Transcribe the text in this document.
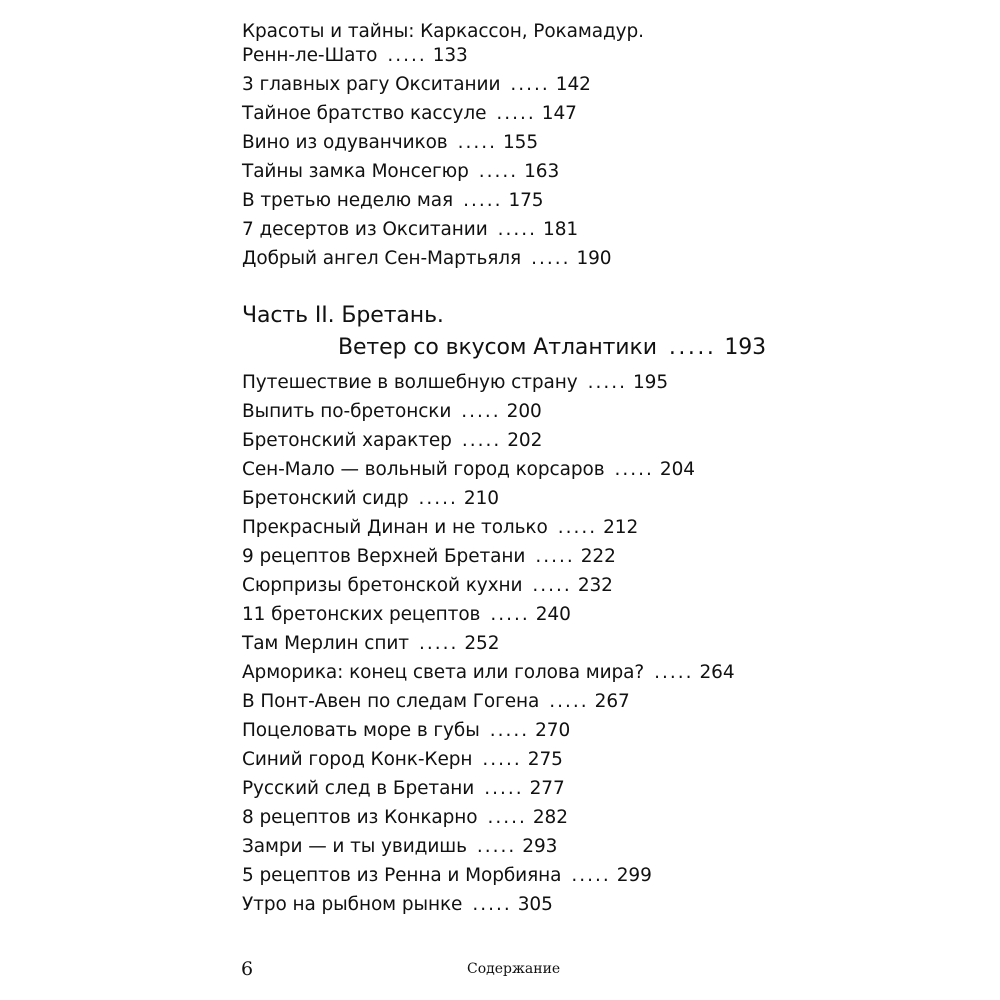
Красоты и тайны: Каркассон, Рокамадур.
Ренн-ле-Шато ..... 133
3 главных рагу Окситании ..... 142
Тайное братство кассуле ..... 147
Вино из одуванчиков ..... 155
Тайны замка Монсегюр ..... 163
В третью неделю мая ..... 175
7 десертов из Окситании ..... 181
Добрый ангел Сен-Мартьяля ..... 190
Часть II. Бретань.
Ветер со вкусом Атлантики ..... 193
Путешествие в волшебную страну ..... 195
Выпить по-бретонски ..... 200
Бретонский характер ..... 202
Сен-Мало — вольный город корсаров ..... 204
Бретонский сидр ..... 210
Прекрасный Динан и не только ..... 212
9 рецептов Верхней Бретани ..... 222
Сюрпризы бретонской кухни ..... 232
11 бретонских рецептов ..... 240
Там Мерлин спит ..... 252
Арморика: конец света или голова мира? ..... 264
В Понт-Авен по следам Гогена ..... 267
Поцеловать море в губы ..... 270
Синий город Конк-Керн ..... 275
Русский след в Бретани ..... 277
8 рецептов из Конкарно ..... 282
Замри — и ты увидишь ..... 293
5 рецептов из Ренна и Морбияна ..... 299
Утро на рыбном рынке ..... 305
6	Содержание
